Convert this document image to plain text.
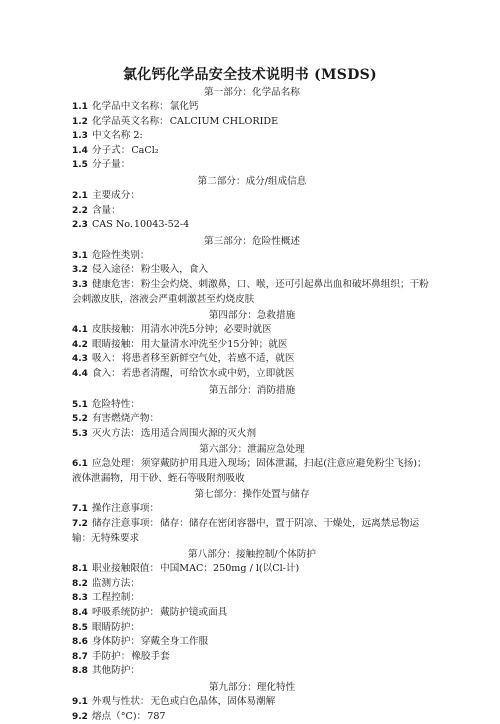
氯化钙化学品安全技术说明书 (MSDS)
第一部分：化学品名称
1.1 化学品中文名称：氯化钙
1.2 化学品英文名称：CALCIUM CHLORIDE
1.3 中文名称 2:
1.4 分子式：CaCl₂
1.5 分子量：
第二部分：成分/组成信息
2.1 主要成分：
2.2 含量：
2.3 CAS No.10043-52-4
第三部分：危险性概述
3.1 危险性类别：
3.2 侵入途径：粉尘吸入，食入
3.3 健康危害：粉尘会灼烧、刺激鼻，口、喉，还可引起鼻出血和破坏鼻组织；干粉会刺激皮肤，溶液会严重刺激甚至灼烧皮肤
第四部分：急救措施
4.1 皮肤接触：用清水冲洗5分钟；必要时就医
4.2 眼睛接触：用大量清水冲洗至少15分钟；就医
4.3 吸入：将患者移至新鲜空气处，若感不适，就医
4.4 食入：若患者清醒，可给饮水或中奶，立即就医
第五部分：消防措施
5.1 危险特性：
5.2 有害燃烧产物：
5.3 灭火方法：选用适合周围火源的灭火剂
第六部分：泄漏应急处理
6.1 应急处理：须穿戴防护用具进入现场；固体泄漏，扫起(注意应避免粉尘飞扬)；液体泄漏物，用干砂、蛭石等吸附剂吸收
第七部分：操作处置与储存
7.1 操作注意事项：
7.2 储存注意事项：储存：储存在密闭容器中，置于阴凉、干燥处，远离禁忌物运输：无特殊要求
第八部分：接触控制/个体防护
8.1 职业接触限值：中国MAC：250mg / l(以Cl-计)
8.2 监测方法：
8.3 工程控制：
8.4 呼吸系统防护：戴防护镜或面具
8.5 眼睛防护：
8.6 身体防护：穿戴全身工作服
8.7 手防护：橡胶手套
8.8 其他防护：
第九部分：理化特性
9.1 外观与性状：无色或白色晶体，固体易潮解
9.2 熔点（°C)：787
